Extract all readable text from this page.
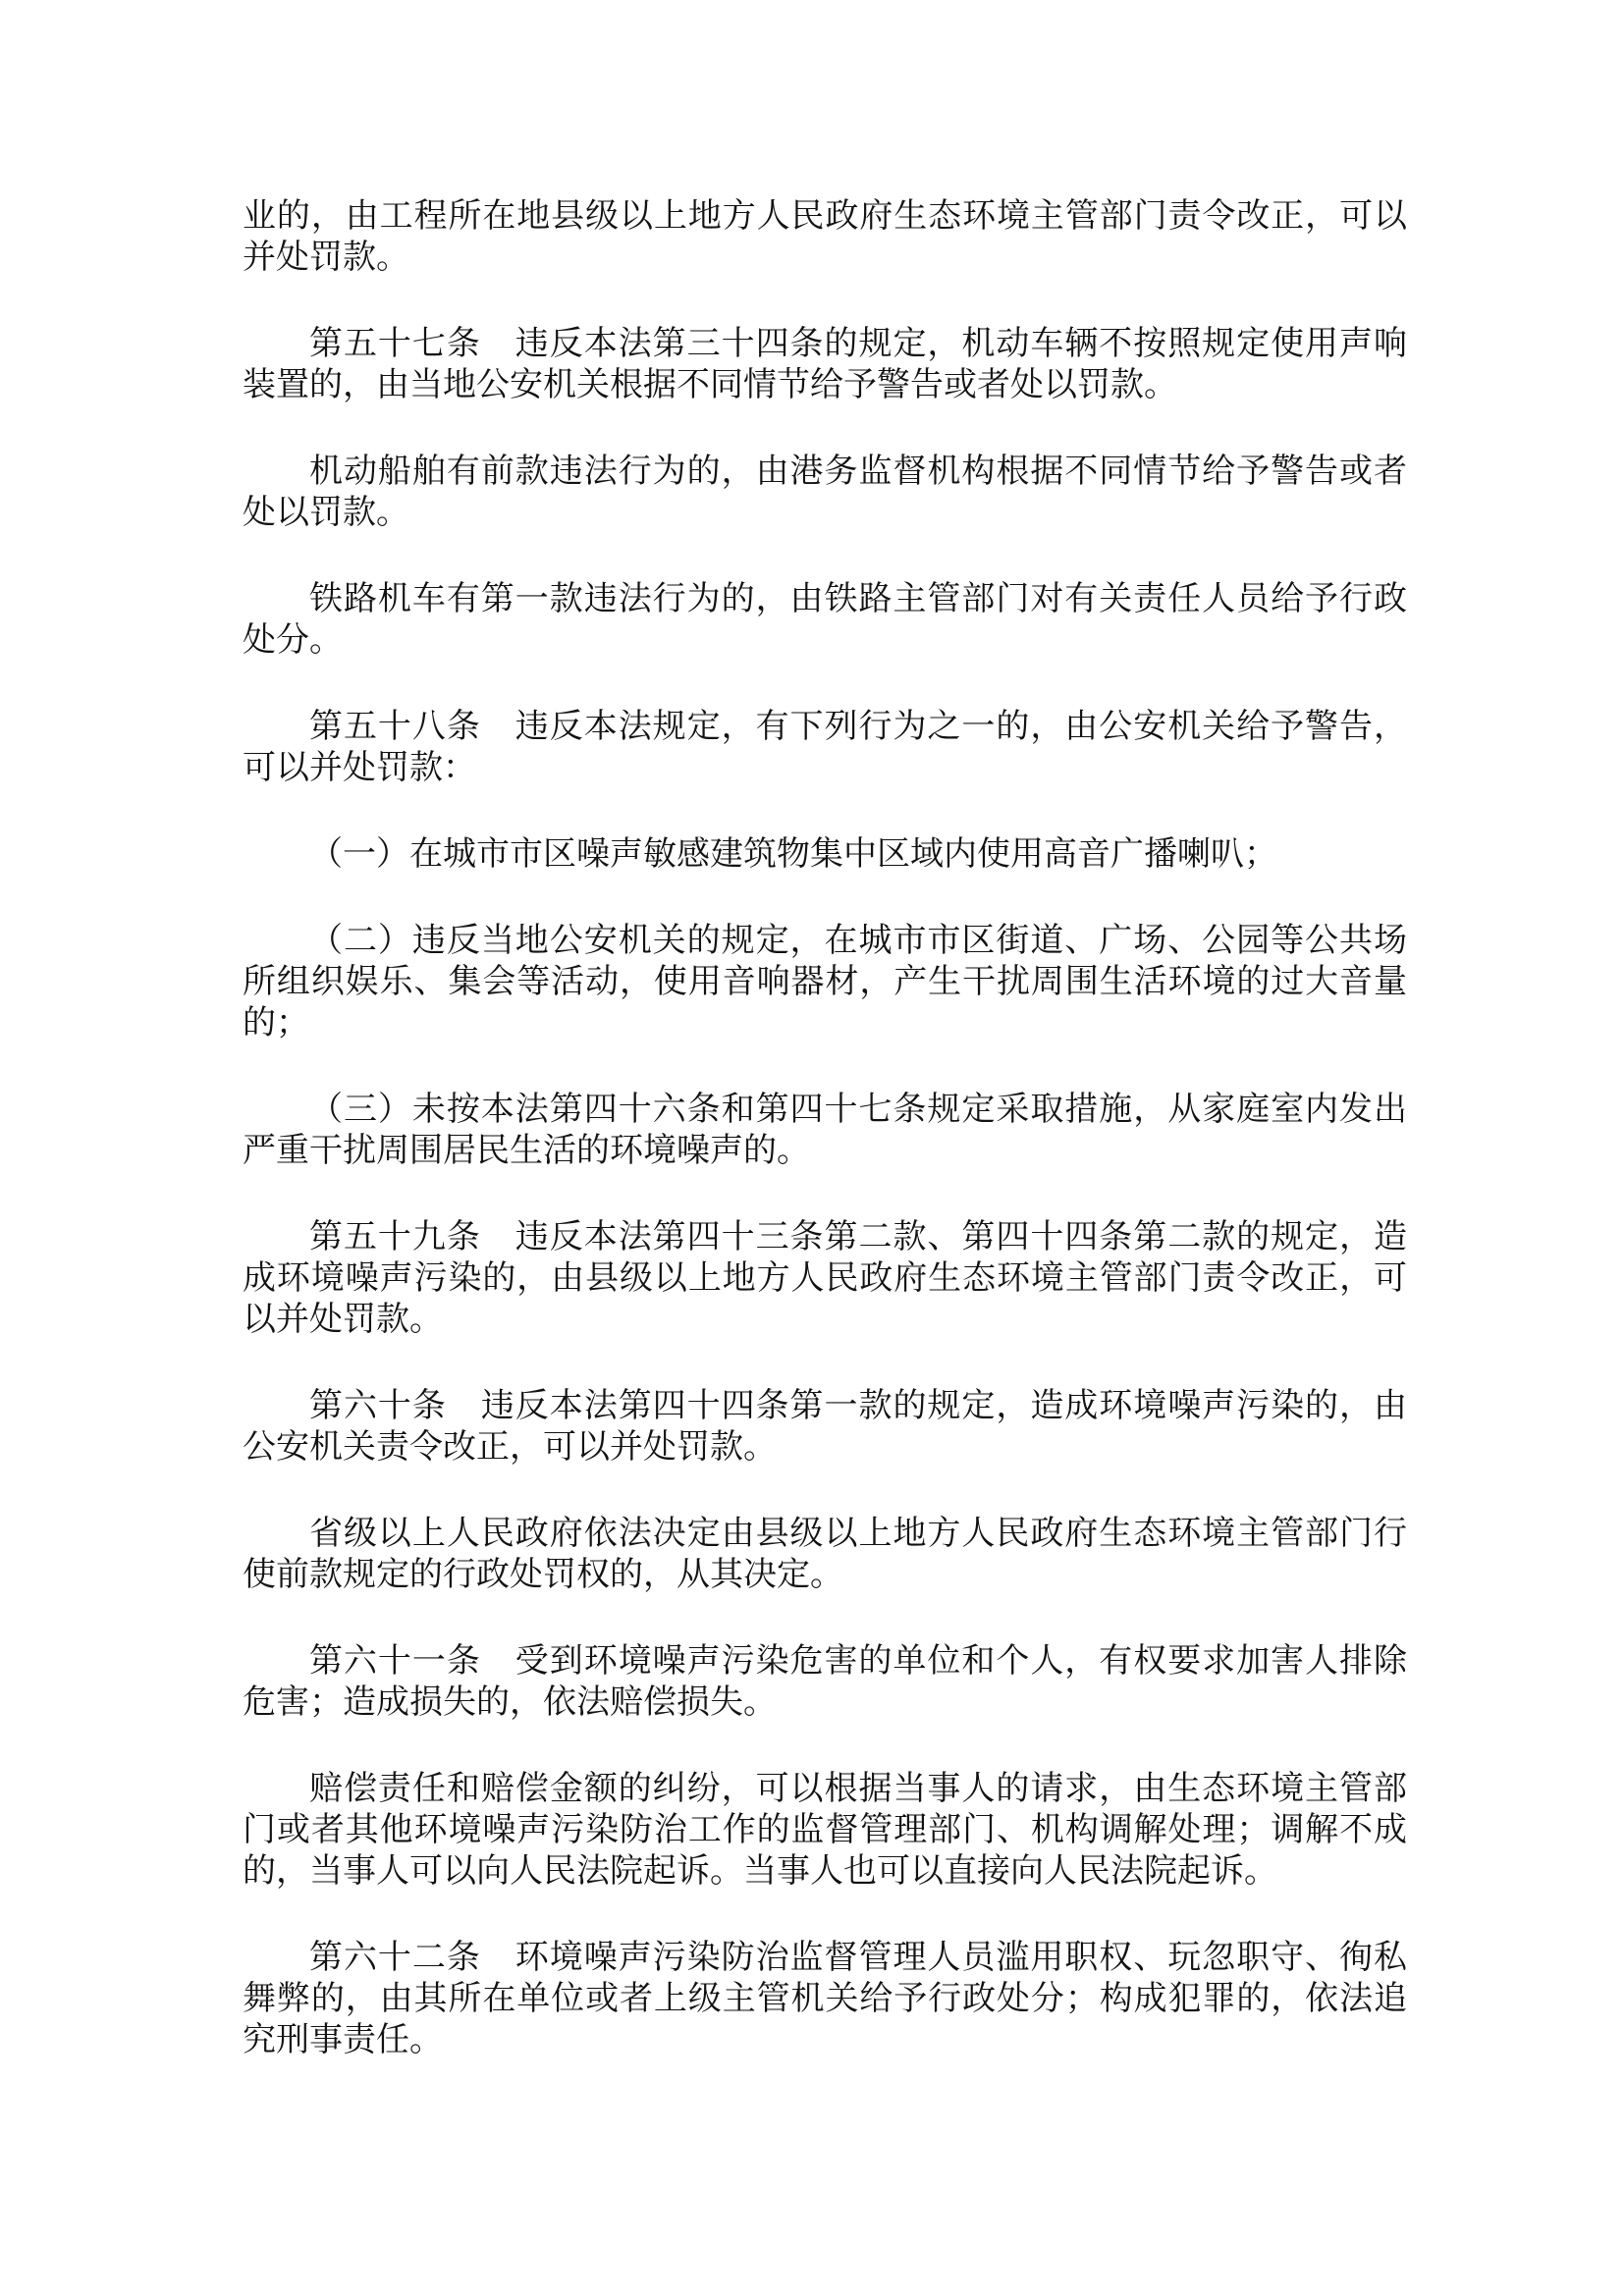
业的，由工程所在地县级以上地方人民政府生态环境主管部门责令改正，可以并处罚款。

第五十七条　违反本法第三十四条的规定，机动车辆不按照规定使用声响装置的，由当地公安机关根据不同情节给予警告或者处以罚款。

机动船舶有前款违法行为的，由港务监督机构根据不同情节给予警告或者处以罚款。

铁路机车有第一款违法行为的，由铁路主管部门对有关责任人员给予行政处分。

第五十八条　违反本法规定，有下列行为之一的，由公安机关给予警告，可以并处罚款：

（一）在城市市区噪声敏感建筑物集中区域内使用高音广播喇叭；

（二）违反当地公安机关的规定，在城市市区街道、广场、公园等公共场所组织娱乐、集会等活动，使用音响器材，产生干扰周围生活环境的过大音量的；

（三）未按本法第四十六条和第四十七条规定采取措施，从家庭室内发出严重干扰周围居民生活的环境噪声的。

第五十九条　违反本法第四十三条第二款、第四十四条第二款的规定，造成环境噪声污染的，由县级以上地方人民政府生态环境主管部门责令改正，可以并处罚款。

第六十条　违反本法第四十四条第一款的规定，造成环境噪声污染的，由公安机关责令改正，可以并处罚款。

省级以上人民政府依法决定由县级以上地方人民政府生态环境主管部门行使前款规定的行政处罚权的，从其决定。

第六十一条　受到环境噪声污染危害的单位和个人，有权要求加害人排除危害；造成损失的，依法赔偿损失。

赔偿责任和赔偿金额的纠纷，可以根据当事人的请求，由生态环境主管部门或者其他环境噪声污染防治工作的监督管理部门、机构调解处理；调解不成的，当事人可以向人民法院起诉。当事人也可以直接向人民法院起诉。

第六十二条　环境噪声污染防治监督管理人员滥用职权、玩忽职守、徇私舞弊的，由其所在单位或者上级主管机关给予行政处分；构成犯罪的，依法追究刑事责任。
